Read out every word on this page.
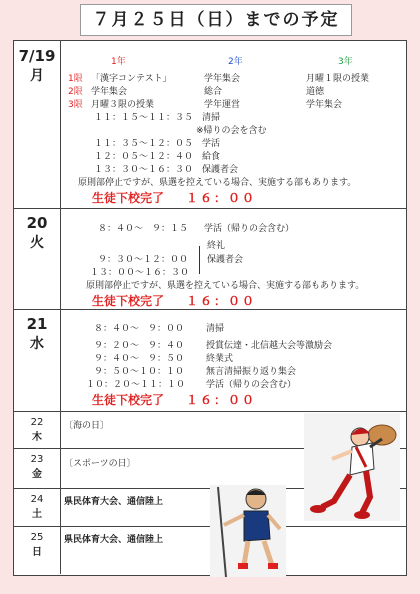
７月２５日（日）までの予定
7/19
月
1年	2年	3年
1限 「漢字コンテスト」	学年集会	月曜１限の授業
2限 学年集会	総合	道徳
3限 月曜３限の授業	学年運営	学年集会
１１：１５～１１：３５ 清掃
※帰りの会を含む
１１：３５～１２：０５ 学活
１２：０５～１２：４０ 給食
１３：３０～１６：３０ 保護者会
原則部停止ですが、県選を控えている場合、実施する部もあります。
生徒下校完了 １６：００
20
火
８：４０～　９：１５ 学活（帰りの会含む）
終礼
９：３０～１２：００ 保護者会
１３：００～１６：３０
原則部停止ですが、県選を控えている場合、実施する部もあります。
生徒下校完了 １６：００
21
水
８：４０～　９：００ 清掃
９：２０～　９：４０ 授賞伝達・北信越大会等激励会
９：４０～　９：５０ 終業式
９：５０～１０：１０ 無言清掃振り返り集会
１０：２０～１１：１０ 学活（帰りの会含む）
生徒下校完了 １６：００
22
木
〔海の日〕
23
金
〔スポーツの日〕
24
土
県民体育大会、通信陸上
25
日
県民体育大会、通信陸上
